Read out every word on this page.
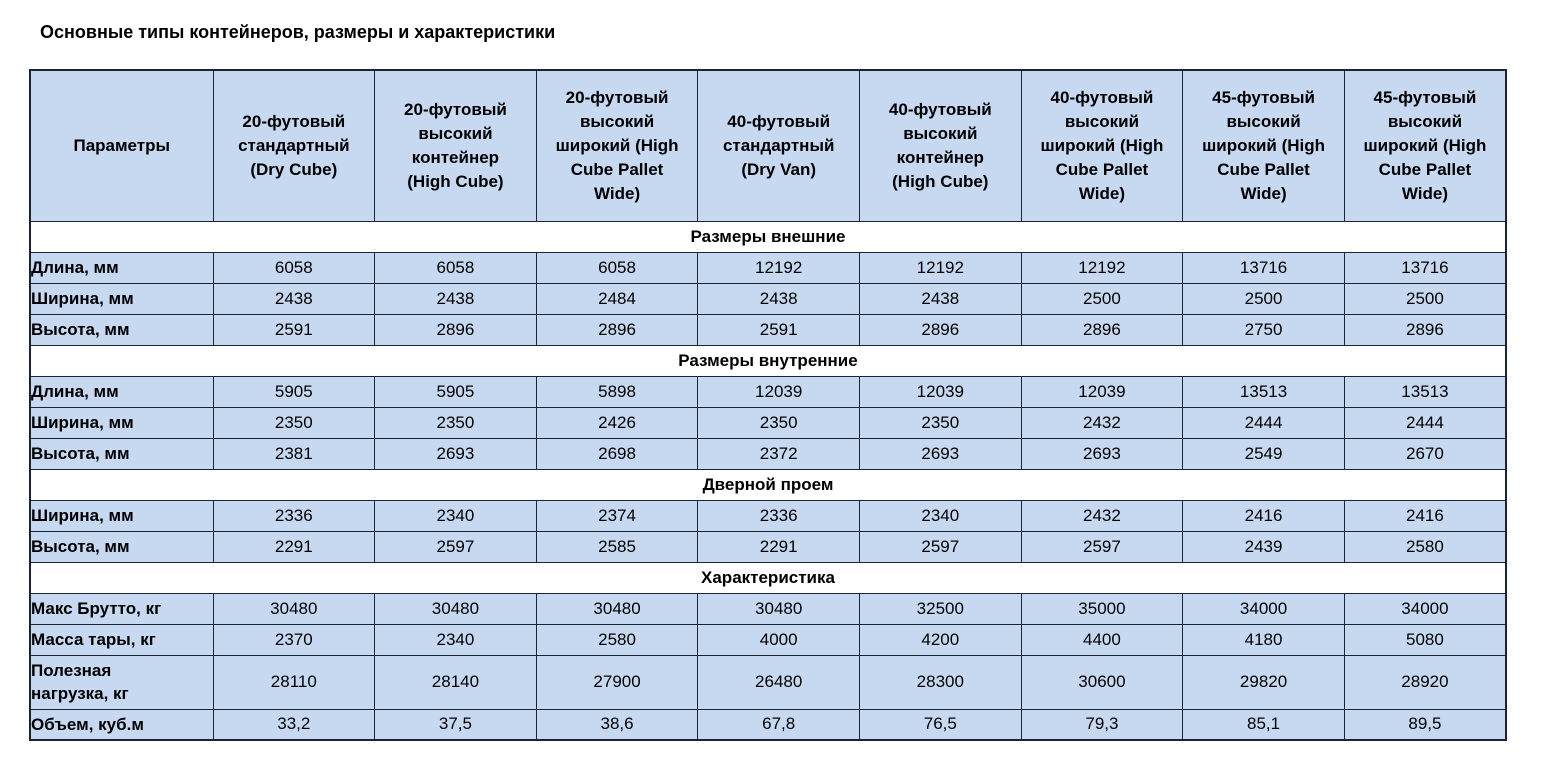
Основные типы контейнеров, размеры и характеристики
Параметры	20-футовый
стандартный
(Dry Cube)	20-футовый
высокий
контейнер
(High Cube)	20-футовый
высокий
широкий (High
Cube Pallet
Wide)	40-футовый
стандартный
(Dry Van)	40-футовый
высокий
контейнер
(High Cube)	40-футовый
высокий
широкий (High
Cube Pallet
Wide)	45-футовый
высокий
широкий (High
Cube Pallet
Wide)	45-футовый
высокий
широкий (High
Cube Pallet
Wide)

Размеры внешние								

Длина, мм	6058	6058	6058	12192	12192	12192	13716	13716

Ширина, мм	2438	2438	2484	2438	2438	2500	2500	2500

Высота, мм	2591	2896	2896	2591	2896	2896	2750	2896
Размеры внутренние								

Длина, мм	5905	5905	5898	12039	12039	12039	13513	13513

Ширина, мм	2350	2350	2426	2350	2350	2432	2444	2444

Высота, мм	2381	2693	2698	2372	2693	2693	2549	2670
Дверной проем								

Ширина, мм	2336	2340	2374	2336	2340	2432	2416	2416

Высота, мм	2291	2597	2585	2291	2597	2597	2439	2580
Характеристика								

Макс Брутто, кг	30480	30480	30480	30480	32500	35000	34000	34000

Масса тары, кг	2370	2340	2580	4000	4200	4400	4180	5080

Полезная
нагрузка, кг	28110	28140	27900	26480	28300	30600	29820	28920

Объем, куб.м	33,2	37,5	38,6	67,8	76,5	79,3	85,1	89,5
